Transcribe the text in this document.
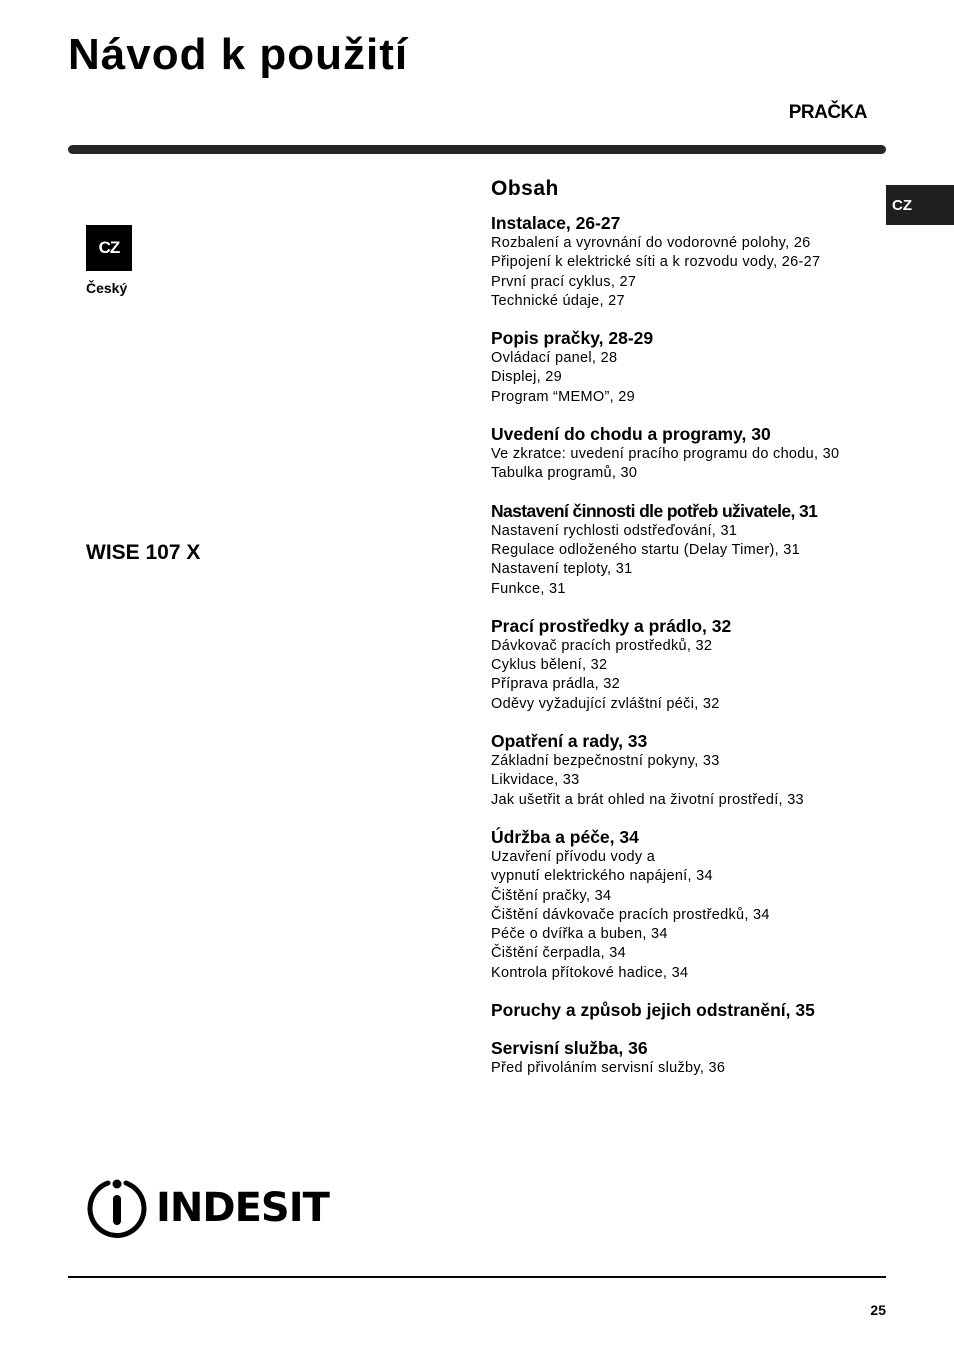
Návod k použití
PRAČKA
CZ
CZ
Český
WISE 107 X
Obsah
Instalace, 26-27
Rozbalení a vyrovnání do vodorovné polohy, 26
Připojení k elektrické síti a k rozvodu vody, 26-27
První prací cyklus, 27
Technické údaje, 27
Popis pračky, 28-29
Ovládací panel, 28
Displej, 29
Program “MEMO”, 29
Uvedení do chodu a programy, 30
Ve zkratce: uvedení pracího programu do chodu, 30
Tabulka programů, 30
Nastavení činnosti dle potřeb uživatele, 31
Nastavení rychlosti odstřeďování, 31
Regulace odloženého startu (Delay Timer), 31
Nastavení teploty, 31
Funkce, 31
Prací prostředky a prádlo, 32
Dávkovač pracích prostředků, 32
Cyklus bělení, 32
Příprava prádla, 32
Oděvy vyžadující zvláštní péči, 32
Opatření a rady, 33
Základní bezpečnostní pokyny, 33
Likvidace, 33
Jak ušetřit a brát ohled na životní prostředí, 33
Údržba a péče, 34
Uzavření přívodu vody a
vypnutí elektrického napájení, 34
Čištění pračky, 34
Čištění dávkovače pracích prostředků, 34
Péče o dvířka a buben, 34
Čištění čerpadla, 34
Kontrola přítokové hadice, 34
Poruchy a způsob jejich odstranění, 35
Servisní služba, 36
Před přivoláním servisní služby, 36
INDESIT
25
